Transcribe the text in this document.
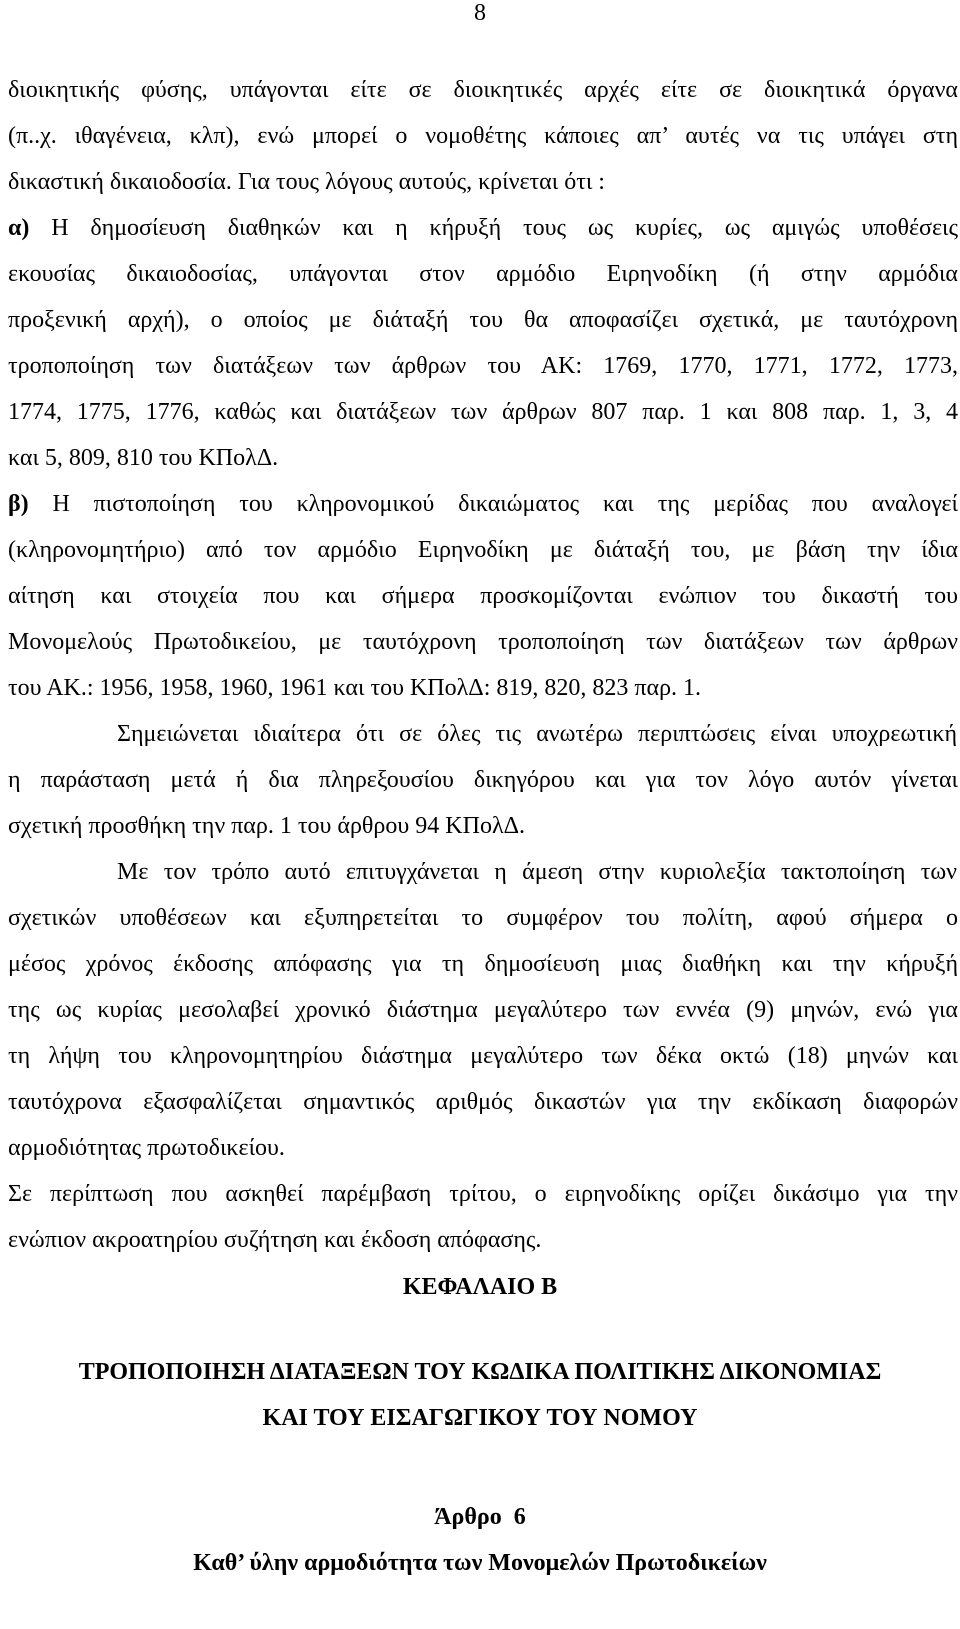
8
διοικητικής φύσης, υπάγονται είτε σε διοικητικές αρχές είτε σε διοικητικά όργανα
(π..χ. ιθαγένεια, κλπ), ενώ μπορεί ο νομοθέτης κάποιες απ’ αυτές να τις υπάγει στη
δικαστική δικαιοδοσία. Για τους λόγους αυτούς, κρίνεται ότι :
α) Η δημοσίευση διαθηκών και η κήρυξή τους ως κυρίες, ως αμιγώς υποθέσεις
εκουσίας δικαιοδοσίας, υπάγονται στον αρμόδιο Ειρηνοδίκη (ή στην αρμόδια
προξενική αρχή), ο οποίος με διάταξή του θα αποφασίζει σχετικά, με ταυτόχρονη
τροποποίηση των διατάξεων των άρθρων του ΑΚ: 1769, 1770, 1771, 1772, 1773,
1774, 1775, 1776, καθώς και διατάξεων των άρθρων 807 παρ. 1 και 808 παρ. 1, 3, 4
και 5, 809, 810 του ΚΠολΔ.
β) Η πιστοποίηση του κληρονομικού δικαιώματος και της μερίδας που αναλογεί
(κληρονομητήριο) από τον αρμόδιο Ειρηνοδίκη με διάταξή του, με βάση την ίδια
αίτηση και στοιχεία που και σήμερα προσκομίζονται ενώπιον του δικαστή του
Μονομελούς Πρωτοδικείου, με ταυτόχρονη τροποποίηση των διατάξεων των άρθρων
του ΑΚ.: 1956, 1958, 1960, 1961 και του ΚΠολΔ: 819, 820, 823 παρ. 1.
Σημειώνεται ιδιαίτερα ότι σε όλες τις ανωτέρω περιπτώσεις είναι υποχρεωτική
η παράσταση μετά ή δια πληρεξουσίου δικηγόρου και για τον λόγο αυτόν γίνεται
σχετική προσθήκη την παρ. 1 του άρθρου 94 ΚΠολΔ.
Με τον τρόπο αυτό επιτυγχάνεται η άμεση στην κυριολεξία τακτοποίηση των
σχετικών υποθέσεων και εξυπηρετείται το συμφέρον του πολίτη, αφού σήμερα ο
μέσος χρόνος έκδοσης απόφασης για τη δημοσίευση μιας διαθήκη και την κήρυξή
της ως κυρίας μεσολαβεί χρονικό διάστημα μεγαλύτερο των εννέα (9) μηνών, ενώ για
τη λήψη του κληρονομητηρίου διάστημα μεγαλύτερο των δέκα οκτώ (18) μηνών και
ταυτόχρονα εξασφαλίζεται σημαντικός αριθμός δικαστών για την εκδίκαση διαφορών
αρμοδιότητας πρωτοδικείου.
Σε περίπτωση που ασκηθεί παρέμβαση τρίτου, ο ειρηνοδίκης ορίζει δικάσιμο για την
ενώπιον ακροατηρίου συζήτηση και έκδοση απόφασης.
ΚΕΦΑΛΑΙΟ Β
ΤΡΟΠΟΠΟΙΗΣΗ ΔΙΑΤΑΞΕΩΝ ΤΟΥ ΚΩΔΙΚΑ ΠΟΛΙΤΙΚΗΣ ΔΙΚΟΝΟΜΙΑΣ
ΚΑΙ ΤΟΥ ΕΙΣΑΓΩΓΙΚΟΥ ΤΟΥ ΝΟΜΟΥ
Άρθρο  6
Καθ’ ύλην αρμοδιότητα των Μονομελών Πρωτοδικείων
